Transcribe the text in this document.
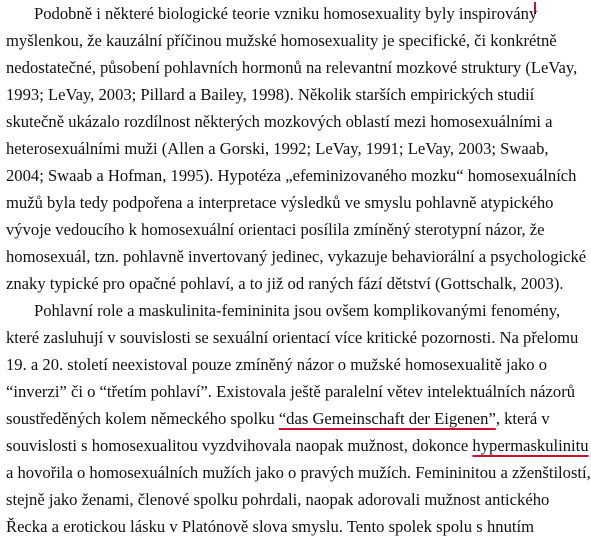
Podobně i některé biologické teorie vzniku homosexuality byly inspirovány
myšlenkou, že kauzální příčinou mužské homosexuality je specifické, či konkrétně
nedostatečné, působení pohlavních hormonů na relevantní mozkové struktury (LeVay,
1993; LeVay, 2003; Pillard a Bailey, 1998). Několik starších empirických studií
skutečně ukázalo rozdílnost některých mozkových oblastí mezi homosexuálními a
heterosexuálními muži (Allen a Gorski, 1992; LeVay, 1991; LeVay, 2003; Swaab,
2004; Swaab a Hofman, 1995). Hypotéza „efeminizovaného mozku“ homosexuálních
mužů byla tedy podpořena a interpretace výsledků ve smyslu pohlavně atypického
vývoje vedoucího k homosexuální orientaci posílila zmíněný sterotypní názor, že
homosexuál, tzn. pohlavně invertovaný jedinec, vykazuje behaviorální a psychologické
znaky typické pro opačné pohlaví, a to již od raných fází dětství (Gottschalk, 2003).
Pohlavní role a maskulinita-femininita jsou ovšem komplikovanými fenomény,
které zasluhují v souvislosti se sexuální orientací více kritické pozornosti. Na přelomu
19. a 20. století neexistoval pouze zmíněný názor o mužské homosexualitě jako o
“inverzi” či o “třetím pohlaví”. Existovala ještě paralelní větev intelektuálních názorů
soustředěných kolem německého spolku “das Gemeinschaft der Eigenen”, která v
souvislosti s homosexualitou vyzdvihovala naopak mužnost, dokonce hypermaskulinitu
a hovořila o homosexuálních mužích jako o pravých mužích. Femininitou a zženštilostí,
stejně jako ženami, členové spolku pohrdali, naopak adorovali mužnost antického
Řecka a erotickou lásku v Platónově slova smyslu. Tento spolek spolu s hnutím
